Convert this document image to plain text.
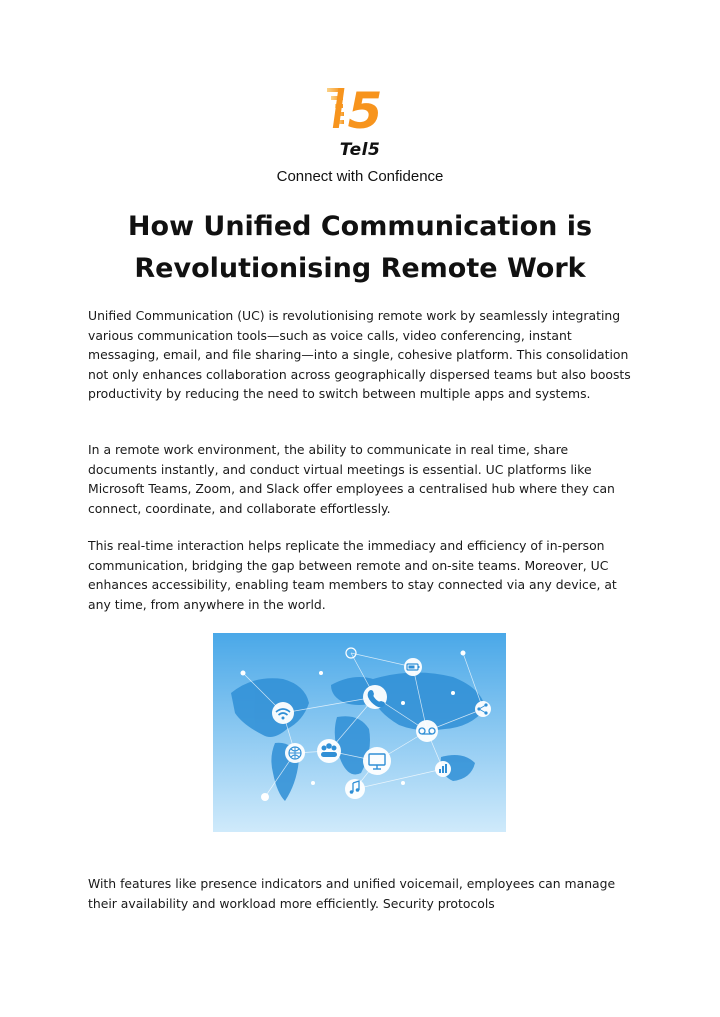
5
Tel5
Connect with Confidence
How Unified Communication is Revolutionising Remote Work

Unified Communication (UC) is revolutionising remote work by seamlessly integrating various communication tools—such as voice calls, video conferencing, instant messaging, email, and file sharing—into a single, cohesive platform. This consolidation not only enhances collaboration across geographically dispersed teams but also boosts productivity by reducing the need to switch between multiple apps and systems.

In a remote work environment, the ability to communicate in real time, share documents instantly, and conduct virtual meetings is essential. UC platforms like Microsoft Teams, Zoom, and Slack offer employees a centralised hub where they can connect, coordinate, and collaborate effortlessly.

This real-time interaction helps replicate the immediacy and efficiency of in-person communication, bridging the gap between remote and on-site teams. Moreover, UC enhances accessibility, enabling team members to stay connected via any device, at any time, from anywhere in the world.

With features like presence indicators and unified voicemail, employees can manage their availability and workload more efficiently. Security protocols
